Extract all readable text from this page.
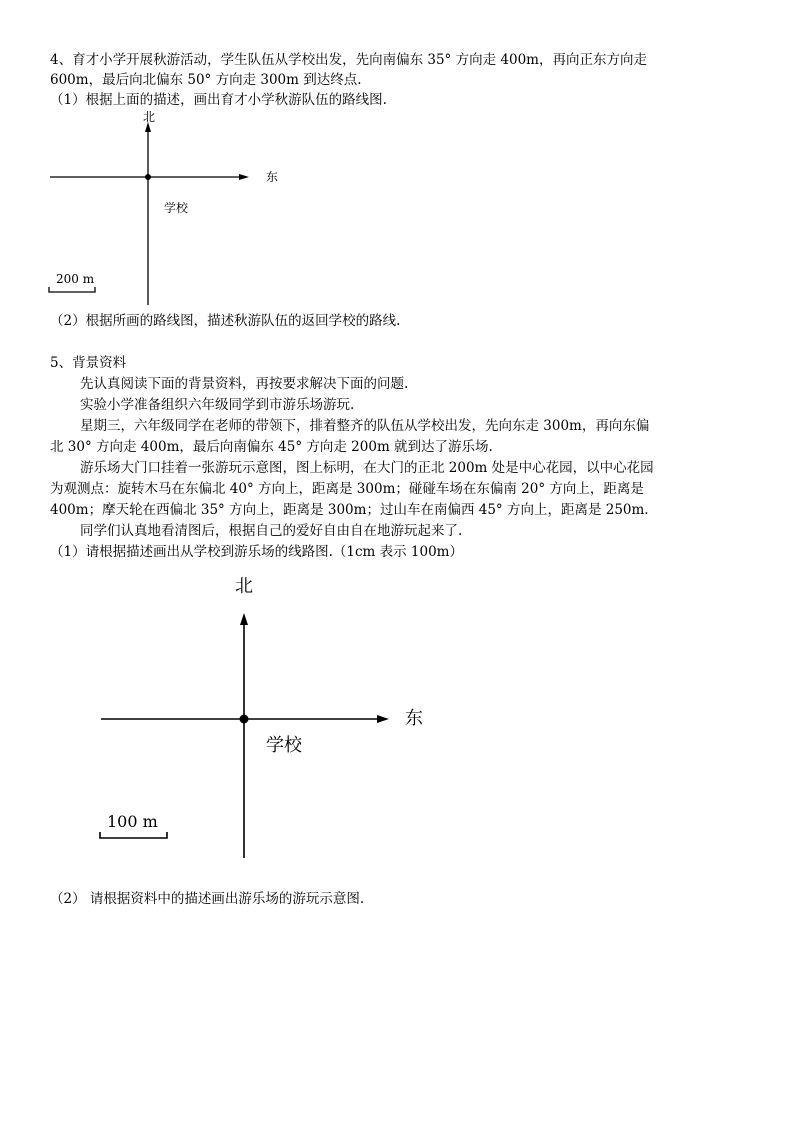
4、育才小学开展秋游活动，学生队伍从学校出发，先向南偏东 35° 方向走 400m，再向正东方向走
600m，最后向北偏东 50° 方向走 300m 到达终点.
（1）根据上面的描述，画出育才小学秋游队伍的路线图.
北
东
学校
200 m
（2）根据所画的路线图，描述秋游队伍的返回学校的路线.
5、背景资料
先认真阅读下面的背景资料，再按要求解决下面的问题.
实验小学准备组织六年级同学到市游乐场游玩.
星期三，六年级同学在老师的带领下，排着整齐的队伍从学校出发，先向东走 300m，再向东偏
北 30° 方向走 400m，最后向南偏东 45° 方向走 200m 就到达了游乐场.
游乐场大门口挂着一张游玩示意图，图上标明，在大门的正北 200m 处是中心花园，以中心花园
为观测点：旋转木马在东偏北 40° 方向上，距离是 300m；碰碰车场在东偏南 20° 方向上，距离是
400m；摩天轮在西偏北 35° 方向上，距离是 300m；过山车在南偏西 45° 方向上，距离是 250m.
同学们认真地看清图后，根据自己的爱好自由自在地游玩起来了.
（1）请根据描述画出从学校到游乐场的线路图.（1cm 表示 100m）
北
东
学校
100 m
（2） 请根据资料中的描述画出游乐场的游玩示意图.
